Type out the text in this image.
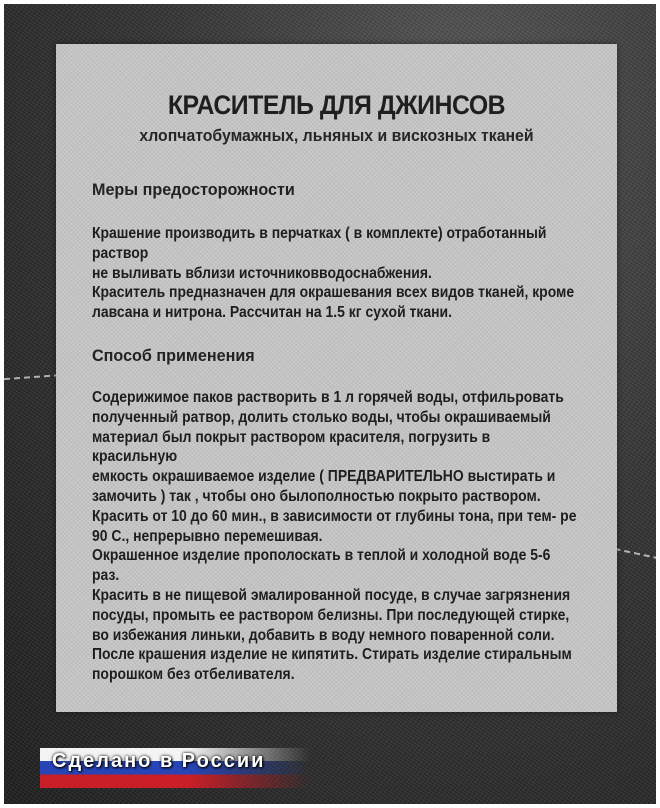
КРАСИТЕЛЬ ДЛЯ ДЖИНСОВ
хлопчатобумажных, льняных и вискозных тканей
Меры предосторожности

Крашение производить в перчатках ( в комплекте) отработанный раствор
не выливать вблизи источниковводоснабжения.
Краситель предназначен для окрашевания всех видов тканей, кроме
лавсана и нитрона. Рассчитан на 1.5 кг сухой ткани.

Способ применения

Содерижимое паков растворить в 1 л горячей воды, отфильровать
полученный ратвор, долить столько воды, чтобы окрашиваемый
материал был покрыт раствором красителя, погрузить в красильную
емкость окрашиваемое изделие ( ПРЕДВАРИТЕЛЬНО выстирать и
замочить ) так , чтобы оно былополностью покрыто раствором.
Красить от 10 до 60 мин., в зависимости от глубины тона, при тем- ре
90 С., непрерывно перемешивая.
Окрашенное изделие прополоскать в теплой и холодной воде 5-6 раз.
Красить в не пищевой эмалированной посуде, в случае загрязнения
посуды, промыть ее раствором белизны. При последующей стирке,
во избежания линьки, добавить в воду немного поваренной соли.
После крашения изделие не кипятить. Стирать изделие стиральным
порошком без отбеливателя.

Сделано в России
